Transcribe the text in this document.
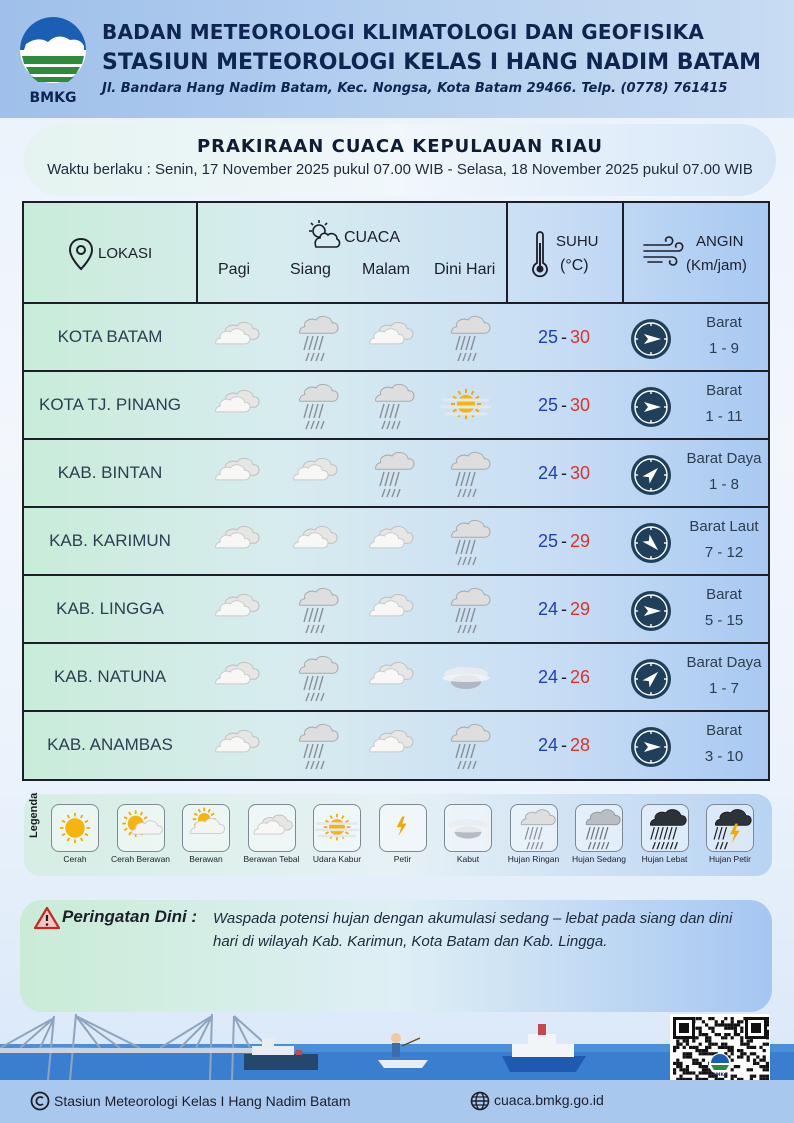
BMKG
BADAN METEOROLOGI KLIMATOLOGI DAN GEOFISIKA
STASIUN METEOROLOGI KELAS I HANG NADIM BATAM
Jl. Bandara Hang Nadim Batam, Kec. Nongsa, Kota Batam 29466. Telp. (0778) 761415
PRAKIRAAN CUACA KEPULAUAN RIAU
Waktu berlaku : Senin, 17 November 2025 pukul 07.00 WIB - Selasa, 18 November 2025 pukul 07.00 WIB
LOKASI
CUACA
Pagi Siang Malam Dini Hari
SUHU
(°C)
ANGIN
(Km/jam)
KOTA BATAM	25 - 30
Barat
1 - 9
KOTA TJ. PINANG	25 - 30
Barat
1 - 11
KAB. BINTAN	24 - 30
Barat Daya
1 - 8
KAB. KARIMUN	25 - 29
Barat Laut
7 - 12
KAB. LINGGA	24 - 29
Barat
5 - 15
KAB. NATUNA	24 - 26
Barat Daya
1 - 7
KAB. ANAMBAS	24 - 28
Barat
3 - 10
Legenda
Cerah	Cerah Berawan	Berawan	Berawan Tebal	Udara Kabur	Petir	Kabut	Hujan Ringan	Hujan Sedang	Hujan Lebat	Hujan Petir
Peringatan Dini : Waspada potensi hujan dengan akumulasi sedang – lebat pada siang dan dini hari di wilayah Kab. Karimun, Kota Batam dan Kab. Lingga.
BMKG
Stasiun Meteorologi Kelas I Hang Nadim Batam	cuaca.bmkg.go.id
